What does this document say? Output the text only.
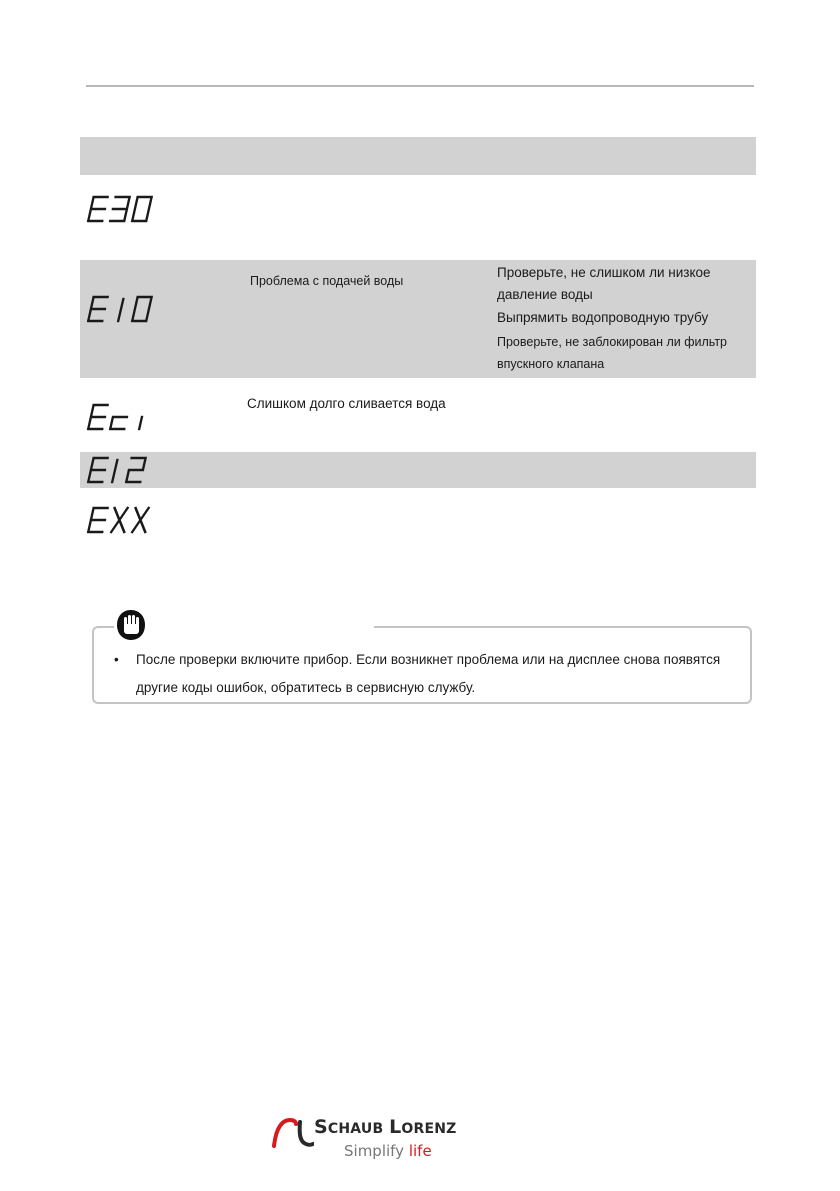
Проблема с подачей воды
Проверьте, не слишком ли низкое давление воды
Выпрямить водопроводную трубу
Проверьте, не заблокирован ли фильтр впускного клапана
Слишком долго сливается вода
• После проверки включите прибор. Если возникнет проблема или на дисплее снова появятся другие коды ошибок, обратитесь в сервисную службу.
SCHAUB LORENZ
Simplify life
